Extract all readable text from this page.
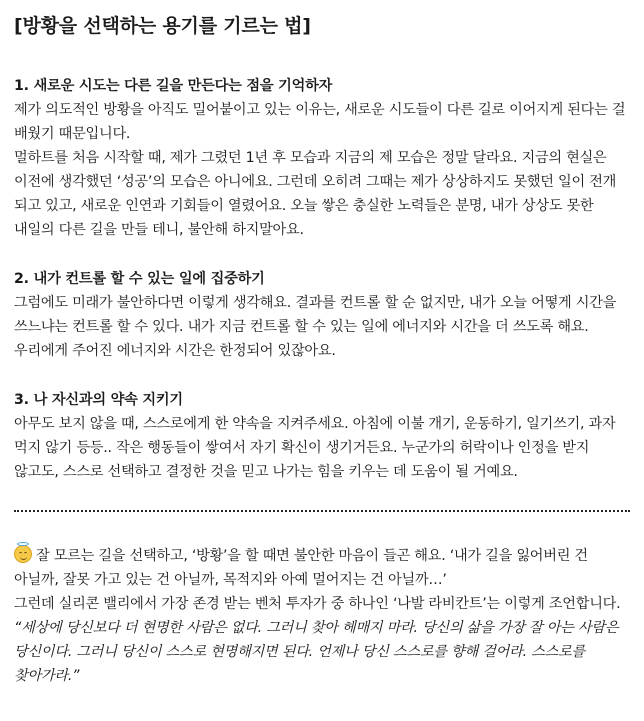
[방황을 선택하는 용기를 기르는 법]
1. 새로운 시도는 다른 길을 만든다는 점을 기억하자

제가 의도적인 방황을 아직도 밀어붙이고 있는 이유는, 새로운 시도들이 다른 길로 이어지게 된다는 걸 배웠기 때문입니다.

멀하트를 처음 시작할 때, 제가 그렸던 1년 후 모습과 지금의 제 모습은 정말 달라요. 지금의 현실은 이전에 생각했던 ‘성공’의 모습은 아니에요. 그런데 오히려 그때는 제가 상상하지도 못했던 일이 전개 되고 있고, 새로운 인연과 기회들이 열렸어요. 오늘 쌓은 충실한 노력들은 분명, 내가 상상도 못한 내일의 다른 길을 만들 테니, 불안해 하지말아요.

2. 내가 컨트롤 할 수 있는 일에 집중하기

그럼에도 미래가 불안하다면 이렇게 생각해요. 결과를 컨트롤 할 순 없지만, 내가 오늘 어떻게 시간을 쓰느냐는 컨트롤 할 수 있다. 내가 지금 컨트롤 할 수 있는 일에 에너지와 시간을 더 쓰도록 해요. 우리에게 주어진 에너지와 시간은 한정되어 있잖아요.

3. 나 자신과의 약속 지키기

아무도 보지 않을 때, 스스로에게 한 약속을 지켜주세요. 아침에 이불 개기, 운동하기, 일기쓰기, 과자 먹지 않기 등등.. 작은 행동들이 쌓여서 자기 확신이 생기거든요. 누군가의 허락이나 인정을 받지 않고도, 스스로 선택하고 결정한 것을 믿고 나가는 힘을 키우는 데 도움이 될 거예요.

잘 모르는 길을 선택하고, ‘방황’을 할 때면 불안한 마음이 들곤 해요. ‘내가 길을 잃어버린 건 아닐까, 잘못 가고 있는 건 아닐까, 목적지와 아예 멀어지는 건 아닐까…’

그런데 실리콘 밸리에서 가장 존경 받는 벤처 투자가 중 하나인 ‘나발 라비칸트’는 이렇게 조언합니다.

“세상에 당신보다 더 현명한 사람은 없다. 그러니 찾아 헤매지 마라. 당신의 삶을 가장 잘 아는 사람은 당신이다. 그러니 당신이 스스로 현명해지면 된다. 언제나 당신 스스로를 향해 걸어라. 스스로를 찾아가라.”
